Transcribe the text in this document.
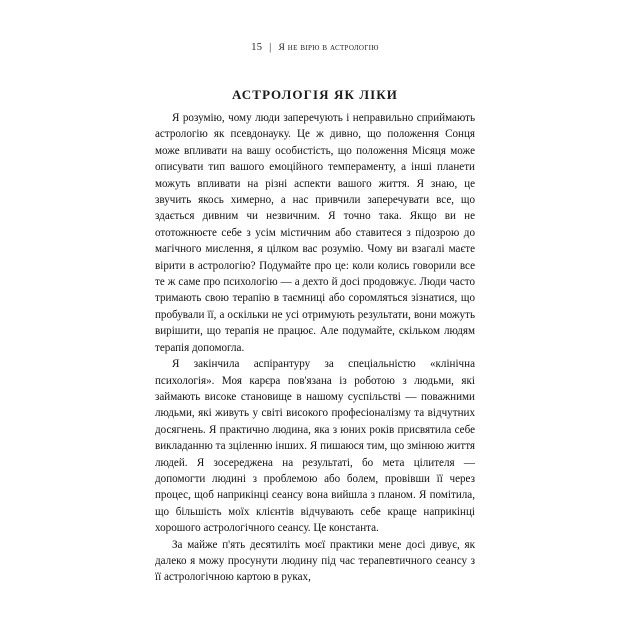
15 | Я не вірю в астрологію
АСТРОЛОГІЯ ЯК ЛІКИ

Я розумію, чому люди заперечують і неправильно сприймають астрологію як псевдонауку. Це ж дивно, що положення Сонця може впливати на вашу особистість, що положення Місяця може описувати тип вашого емоційного темпераменту, а інші планети можуть впливати на різні аспекти вашого життя. Я знаю, це звучить якось химерно, а нас привчили заперечувати все, що здається дивним чи незвичним. Я точно така. Якщо ви не ототожнюєте себе з усім містичним або ставитеся з підозрою до магічного мислення, я цілком вас розумію. Чому ви взагалі маєте вірити в астрологію? Подумайте про це: коли колись говорили все те ж саме про психологію — а дехто й досі продовжує. Люди часто тримають свою терапію в таємниці або соромляться зізнатися, що пробували її, а оскільки не усі отримують результати, вони можуть вирішити, що терапія не працює. Але подумайте, скільком людям терапія допомогла.

Я закінчила аспірантуру за спеціальністю «клінічна психологія». Моя карєра пов'язана із роботою з людьми, які займають високе становище в нашому суспільстві — поважними людьми, які живуть у світі високого професіоналізму та відчутних досягнень. Я практично людина, яка з юних років присвятила себе викладанню та зціленню інших. Я пишаюся тим, що змінюю життя людей. Я зосереджена на результаті, бо мета цілителя — допомогти людині з проблемою або болем, провівши її через процес, щоб наприкінці сеансу вона вийшла з планом. Я помітила, що більшість моїх клієнтів відчувають себе краще наприкінці хорошого астрологічного сеансу. Це константа.

За майже п'ять десятиліть моєї практики мене досі дивує, як далеко я можу просунути людину під час терапевтичного сеансу з її астрологічною картою в руках,
